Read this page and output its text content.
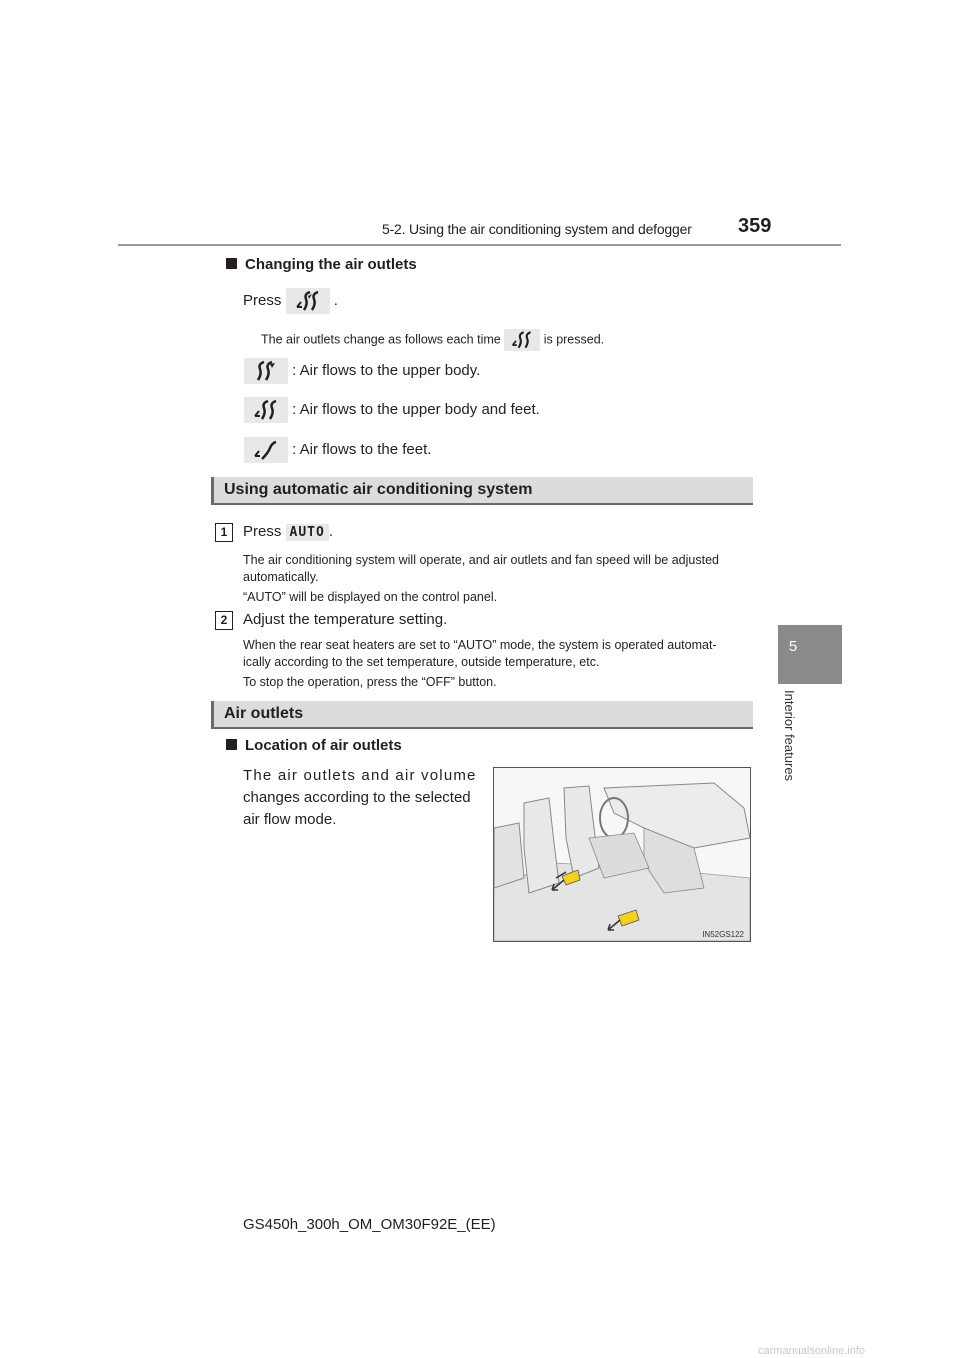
5-2. Using the air conditioning system and defogger 359
5
Interior features
Changing the air outlets
Press	.
The air outlets change as follows each time	is pressed.
: Air flows to the upper body.
: Air flows to the upper body and feet.
: Air flows to the feet.
Using automatic air conditioning system
1	Press AUTO .
The air conditioning system will operate, and air outlets and fan speed will be adjusted
automatically.
“AUTO” will be displayed on the control panel.
2	Adjust the temperature setting.
When the rear seat heaters are set to “AUTO” mode, the system is operated automat-
ically according to the set temperature, outside temperature, etc.
To stop the operation, press the “OFF” button.
Air outlets
Location of air outlets
The air outlets and air volume
changes according to the selected
air flow mode.
IN52GS122
GS450h_300h_OM_OM30F92E_(EE)
carmanualsonline.info
